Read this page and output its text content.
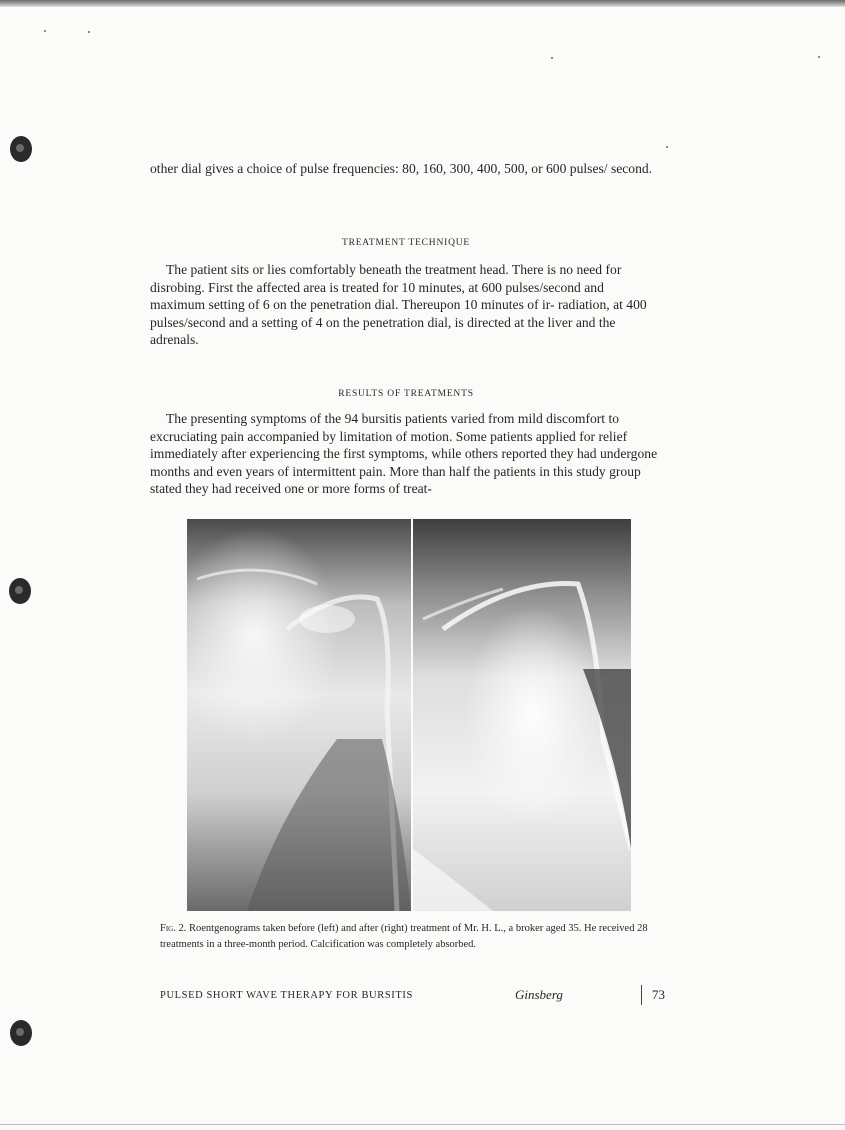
other dial gives a choice of pulse frequencies: 80, 160, 300, 400, 500, or 600 pulses/ second.

TREATMENT TECHNIQUE

The patient sits or lies comfortably beneath the treatment head. There is no need for disrobing. First the affected area is treated for 10 minutes, at 600 pulses/second and maximum setting of 6 on the penetration dial. Thereupon 10 minutes of ir- radiation, at 400 pulses/second and a setting of 4 on the penetration dial, is directed at the liver and the adrenals.

RESULTS OF TREATMENTS

The presenting symptoms of the 94 bursitis patients varied from mild discomfort to excruciating pain accompanied by limitation of motion. Some patients applied for relief immediately after experiencing the first symptoms, while others reported they had undergone months and even years of intermittent pain. More than half the patients in this study group stated they had received one or more forms of treat-

Fig. 2. Roentgenograms taken before (left) and after (right) treatment of Mr. H. L., a broker aged 35. He received 28 treatments in a three-month period. Calcification was completely absorbed.

PULSED SHORT WAVE THERAPY FOR BURSITIS	Ginsberg	73
